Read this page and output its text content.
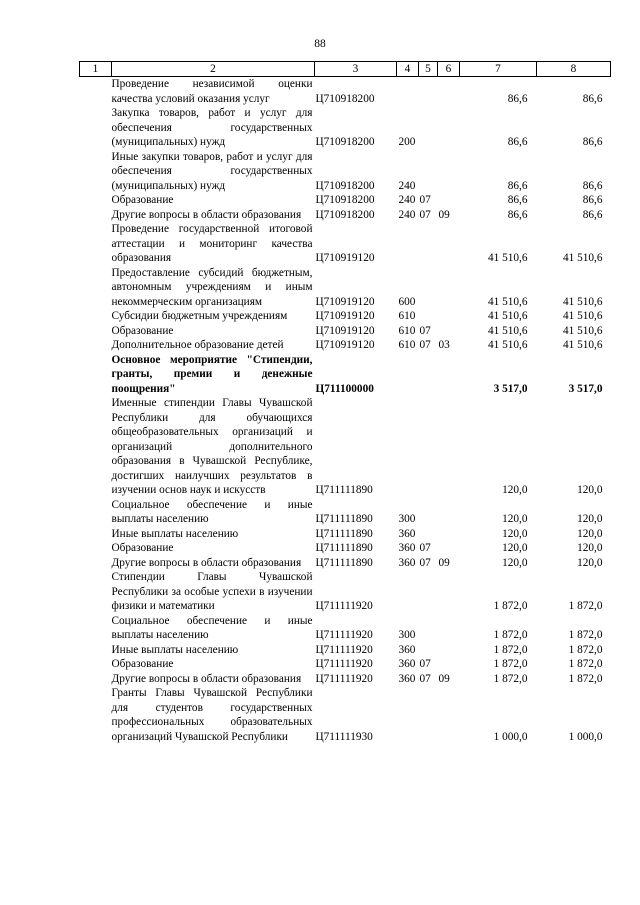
88
1	2	3	4	5	6	7	8
	Проведение независимой оценки качества условий оказания услуг	Ц710918200				86,6	86,6
	Закупка товаров, работ и услуг для обеспечения государственных (муниципальных) нужд	Ц710918200	200			86,6	86,6
	Иные закупки товаров, работ и услуг для обеспечения государственных (муниципальных) нужд	Ц710918200	240			86,6	86,6
	Образование	Ц710918200	240	07		86,6	86,6
	Другие вопросы в области образования	Ц710918200	240	07	09	86,6	86,6
	Проведение государственной итоговой аттестации и мониторинг качества образования	Ц710919120				41 510,6	41 510,6
	Предоставление субсидий бюджетным, автономным учреждениям и иным некоммерческим организациям	Ц710919120	600			41 510,6	41 510,6
	Субсидии бюджетным учреждениям	Ц710919120	610			41 510,6	41 510,6
	Образование	Ц710919120	610	07		41 510,6	41 510,6
	Дополнительное образование детей	Ц710919120	610	07	03	41 510,6	41 510,6
	Основное мероприятие "Стипендии, гранты, премии и денежные поощрения"	Ц711100000				3 517,0	3 517,0
	Именные стипендии Главы Чувашской Республики для обучающихся общеобразовательных организаций и организаций дополнительного образования в Чувашской Республике, достигших наилучших результатов в изучении основ наук и искусств	Ц711111890				120,0	120,0
	Социальное обеспечение и иные выплаты населению	Ц711111890	300			120,0	120,0
	Иные выплаты населению	Ц711111890	360			120,0	120,0
	Образование	Ц711111890	360	07		120,0	120,0
	Другие вопросы в области образования	Ц711111890	360	07	09	120,0	120,0
	Стипендии Главы Чувашской Республики за особые успехи в изучении физики и математики	Ц711111920				1 872,0	1 872,0
	Социальное обеспечение и иные выплаты населению	Ц711111920	300			1 872,0	1 872,0
	Иные выплаты населению	Ц711111920	360			1 872,0	1 872,0
	Образование	Ц711111920	360	07		1 872,0	1 872,0
	Другие вопросы в области образования	Ц711111920	360	07	09	1 872,0	1 872,0
	Гранты Главы Чувашской Республики для студентов государственных профессиональных образовательных организаций Чувашской Республики	Ц711111930				1 000,0	1 000,0
